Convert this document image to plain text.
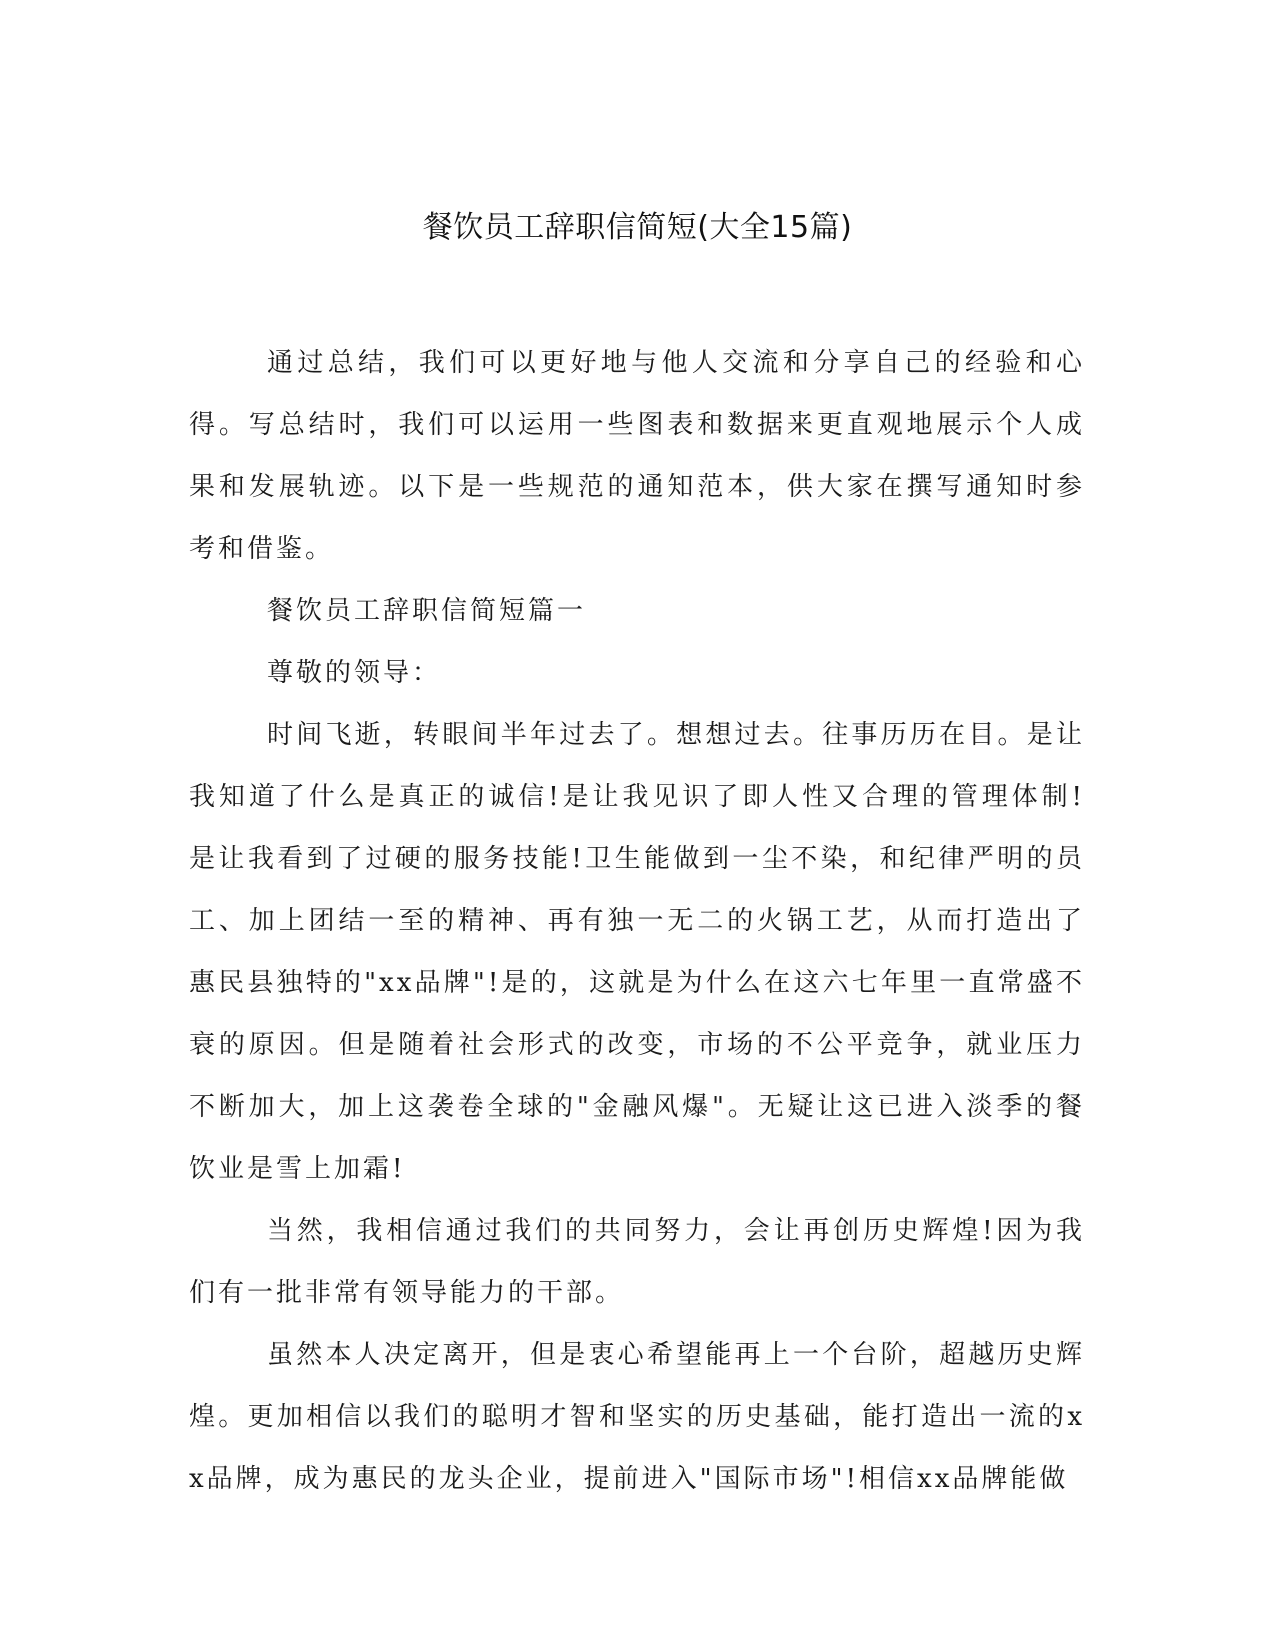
餐饮员工辞职信简短(大全15篇)

通过总结，我们可以更好地与他人交流和分享自己的经验和心得。写总结时，我们可以运用一些图表和数据来更直观地展示个人成果和发展轨迹。以下是一些规范的通知范本，供大家在撰写通知时参考和借鉴。

餐饮员工辞职信简短篇一

尊敬的领导：

时间飞逝，转眼间半年过去了。想想过去。往事历历在目。是让我知道了什么是真正的诚信!是让我见识了即人性又合理的管理体制!是让我看到了过硬的服务技能!卫生能做到一尘不染，和纪律严明的员工、加上团结一至的精神、再有独一无二的火锅工艺，从而打造出了惠民县独特的"xx品牌"!是的，这就是为什么在这六七年里一直常盛不衰的原因。但是随着社会形式的改变，市场的不公平竞争，就业压力不断加大，加上这袭卷全球的"金融风爆"。无疑让这已进入淡季的餐饮业是雪上加霜!

当然，我相信通过我们的共同努力，会让再创历史辉煌!因为我们有一批非常有领导能力的干部。

虽然本人决定离开，但是衷心希望能再上一个台阶，超越历史辉煌。更加相信以我们的聪明才智和坚实的历史基础，能打造出一流的xx品牌，成为惠民的龙头企业，提前进入"国际市场"!相信xx品牌能做
